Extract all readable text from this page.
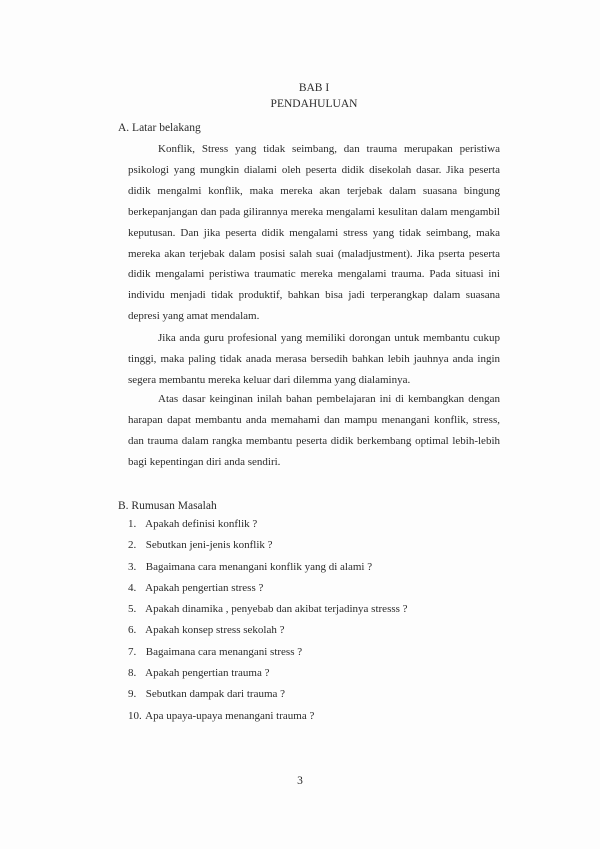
BAB I
PENDAHULUAN
A. Latar belakang

Konflik, Stress yang tidak seimbang, dan trauma merupakan peristiwa psikologi yang mungkin dialami oleh peserta didik disekolah dasar. Jika peserta didik mengalmi konflik, maka mereka akan terjebak dalam suasana bingung berkepanjangan dan pada gilirannya mereka mengalami kesulitan dalam mengambil keputusan. Dan jika peserta didik mengalami stress yang tidak seimbang, maka mereka akan terjebak dalam posisi salah suai (maladjustment). Jika pserta peserta didik mengalami peristiwa traumatic mereka mengalami trauma. Pada situasi ini individu menjadi tidak produktif, bahkan bisa jadi terperangkap dalam suasana depresi yang amat mendalam.

Jika anda guru profesional yang memiliki dorongan untuk membantu cukup tinggi, maka paling tidak anada merasa bersedih bahkan lebih jauhnya anda ingin segera membantu mereka keluar dari dilemma yang dialaminya.

Atas dasar keinginan inilah bahan pembelajaran ini di kembangkan dengan harapan dapat membantu anda memahami dan mampu menangani konflik, stress, dan trauma dalam rangka membantu peserta didik berkembang optimal lebih-lebih bagi kepentingan diri anda sendiri.

B. Rumusan Masalah
1. Apakah definisi konflik ?
2. Sebutkan jeni-jenis konflik ?
3. Bagaimana cara menangani konflik yang di alami ?
4. Apakah pengertian stress ?
5. Apakah dinamika , penyebab dan akibat terjadinya stresss ?
6. Apakah konsep stress sekolah ?
7. Bagaimana cara menangani stress ?
8. Apakah pengertian trauma ?
9. Sebutkan dampak dari trauma ?
10. Apa upaya-upaya menangani trauma ?
3
